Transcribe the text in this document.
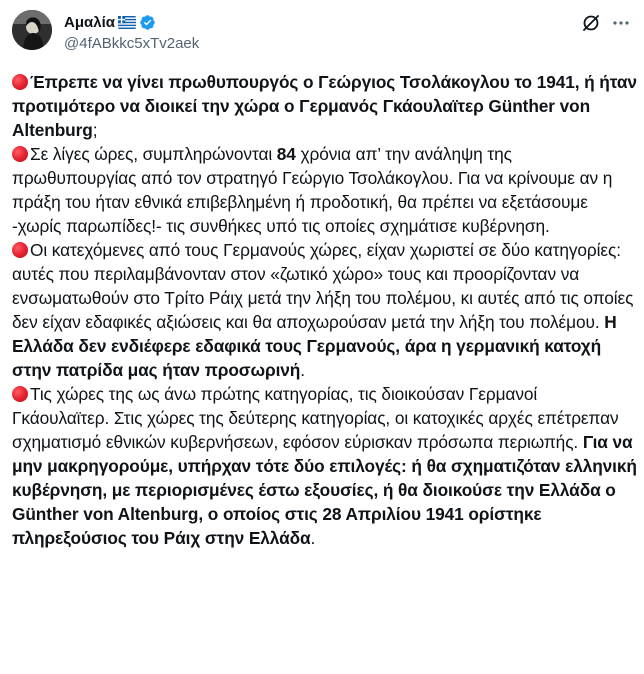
Αμαλία
@4fABkkc5xTv2aek

Έπρεπε να γίνει πρωθυπουργός ο Γεώργιος Τσολάκογλου το 1941, ή ήταν προτιμότερο να διοικεί την χώρα ο Γερμανός Γκάουλαϊτερ Günther von Altenburg;

Σε λίγες ώρες, συμπληρώνονται 84 χρόνια απ’ την ανάληψη της πρωθυπουργίας από τον στρατηγό Γεώργιο Τσολάκογλου. Για να κρίνουμε αν η πράξη του ήταν εθνικά επιβεβλημένη ή προδοτική, θα πρέπει να εξετάσουμε -χωρίς παρωπίδες!- τις συνθήκες υπό τις οποίες σχημάτισε κυβέρνηση.

Οι κατεχόμενες από τους Γερμανούς χώρες, είχαν χωριστεί σε δύο κατηγορίες: αυτές που περιλαμβάνονταν στον «ζωτικό χώρο» τους και προορίζονταν να ενσωματωθούν στο Τρίτο Ράιχ μετά την λήξη του πολέμου, κι αυτές από τις οποίες δεν είχαν εδαφικές αξιώσεις και θα αποχωρούσαν μετά την λήξη του πολέμου. Η Ελλάδα δεν ενδιέφερε εδαφικά τους Γερμανούς, άρα η γερμανική κατοχή στην πατρίδα μας ήταν προσωρινή.

Τις χώρες της ως άνω πρώτης κατηγορίας, τις διοικούσαν Γερμανοί Γκάουλαϊτερ. Στις χώρες της δεύτερης κατηγορίας, οι κατοχικές αρχές επέτρεπαν σχηματισμό εθνικών κυβερνήσεων, εφόσον εύρισκαν πρόσωπα περιωπής. Για να μην μακρηγορούμε, υπήρχαν τότε δύο επιλογές: ή θα σχηματιζόταν ελληνική κυβέρνηση, με περιορισμένες έστω εξουσίες, ή θα διοικούσε την Ελλάδα ο Günther von Altenburg, ο οποίος στις 28 Απριλίου 1941 ορίστηκε πληρεξούσιος του Ράιχ στην Ελλάδα.
